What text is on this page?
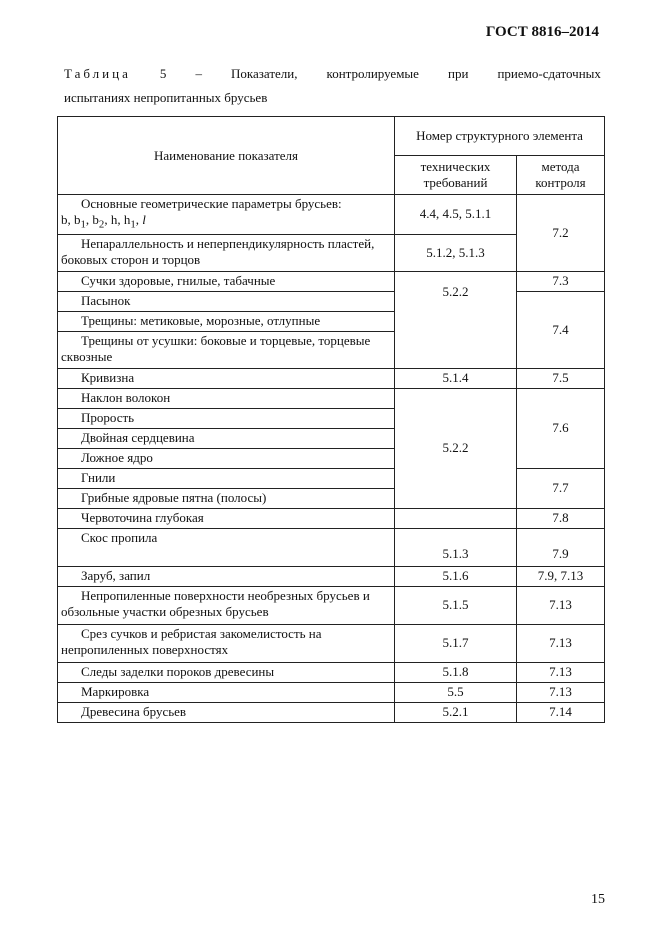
ГОСТ 8816–2014
Таблица 5 – Показатели, контролируемые при приемо-сдаточных
испытаниях непропитанных брусьев
Наименование показателя	Номер структурного элемента	
	технических требований	метода контроля
Основные геометрические параметры брусьев:
b, $b_1$, $b_2$, h, $h_1$, l	4.4, 4.5, 5.1.1	7.2
Непараллельность и неперпендикулярность пластей, боковых сторон и торцов	5.1.2, 5.1.3	
Сучки здоровые, гнилые, табачные	5.2.2	7.3
Пасынок		7.4
Трещины: метиковые, морозные, отлупные		
Трещины от усушки: боковые и торцевые, торцевые сквозные		
Кривизна	5.1.4	7.5
Наклон волокон	5.2.2	7.6
Прорость		
Двойная сердцевина		
Ложное ядро		
Гнили		7.7
Грибные ядровые пятна (полосы)		
Червоточина глубокая		7.8
Скос пропила	5.1.3	7.9
Заруб, запил	5.1.6	7.9, 7.13
Непропиленные поверхности необрезных брусьев и обзольные участки обрезных брусьев	5.1.5	7.13
Срез сучков и ребристая закомелистость на непропиленных поверхностях	5.1.7	7.13
Следы заделки пороков древесины	5.1.8	7.13
Маркировка	5.5	7.13
Древесина брусьев	5.2.1	7.14
15
